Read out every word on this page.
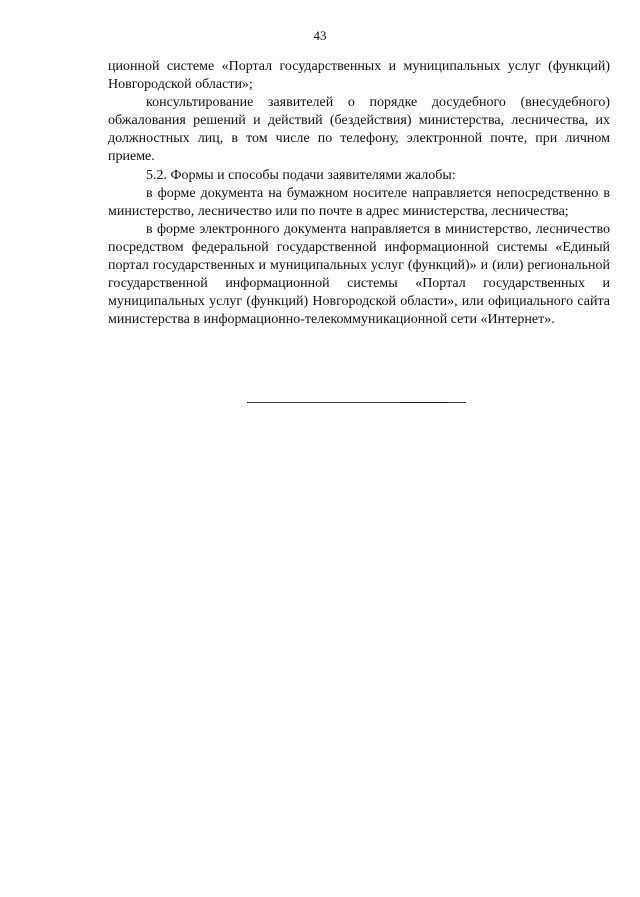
43

ционной системе «Портал государственных и муниципальных услуг (функций) Новгородской области»;

консультирование заявителей о порядке досудебного (внесудебного) обжалования решений и действий (бездействия) министерства, лесничества, их должностных лиц, в том числе по телефону, электронной почте, при личном приеме.

5.2. Формы и способы подачи заявителями жалобы:

в форме документа на бумажном носителе направляется непосредственно в министерство, лесничество или по почте в адрес министерства, лесничества;

в форме электронного документа направляется в министерство, лесничество посредством федеральной государственной информационной системы «Единый портал государственных и муниципальных услуг (функций)» и (или) региональной государственной информационной системы «Портал государственных и муниципальных услуг (функций) Новгородской области», или официального сайта министерства в информационно-телекоммуникационной сети «Интернет».
